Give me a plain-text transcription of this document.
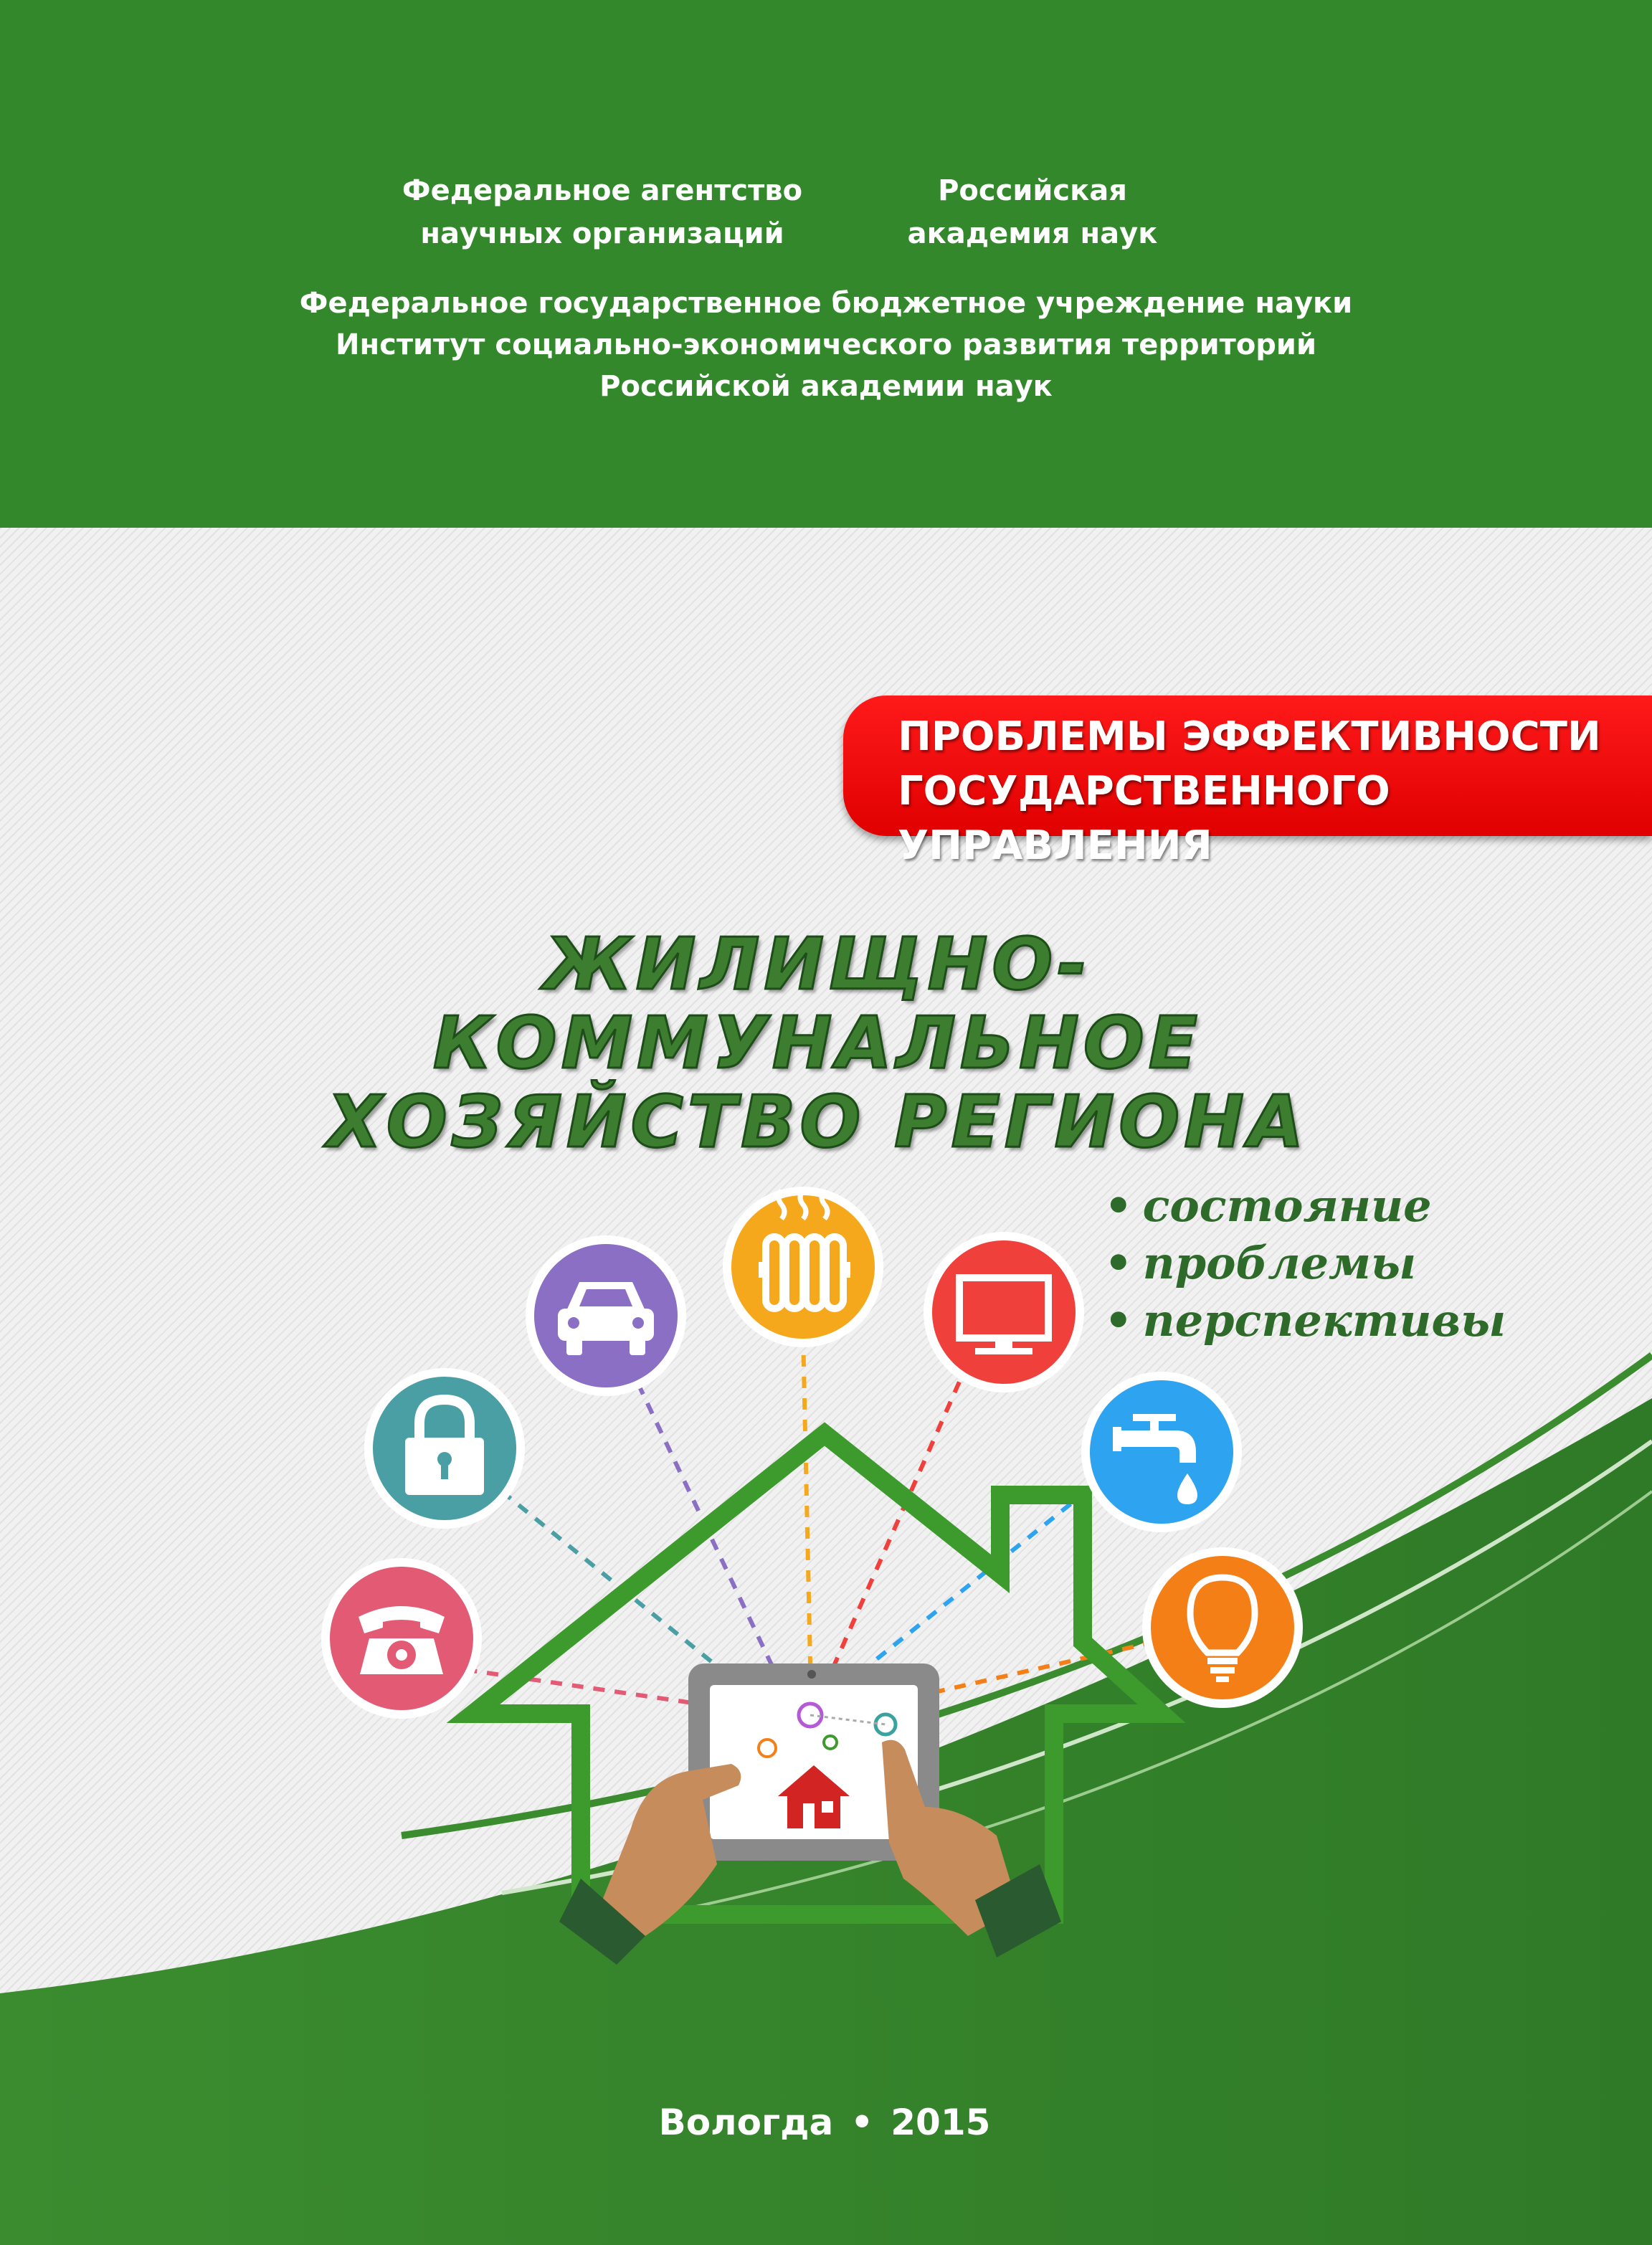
Федеральное агентство
научных организаций
Российская
академия наук
Федеральное государственное бюджетное учреждение науки
Институт социально-экономического развития территорий
Российской академии наук
ПРОБЛЕМЫ ЭФФЕКТИВНОСТИ
ГОСУДАРСТВЕННОГО УПРАВЛЕНИЯ
ЖИЛИЩНО-КОММУНАЛЬНОЕ
ХОЗЯЙСТВО РЕГИОНА
• состояние
• проблемы
• перспективы
Вологда • 2015
